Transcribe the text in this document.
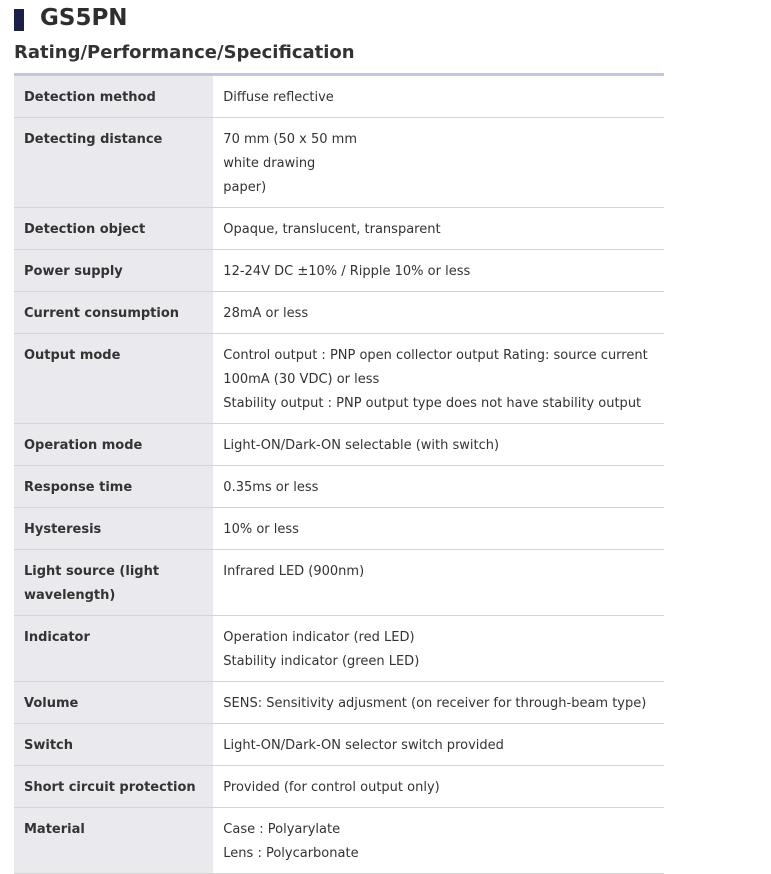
GS5PN
Rating/Performance/Specification
Detection method	Diffuse reflective

Detecting distance	70 mm (50 x 50 mm
white drawing
paper)

Detection object	Opaque, translucent, transparent

Power supply	12-24V DC ±10% / Ripple 10% or less

Current consumption	28mA or less

Output mode	Control output : PNP open collector output Rating: source current
100mA (30 VDC) or less
Stability output : PNP output type does not have stability output

Operation mode	Light-ON/Dark-ON selectable (with switch)

Response time	0.35ms or less

Hysteresis	10% or less

Light source (light wavelength)	Infrared LED (900nm)

Indicator	Operation indicator (red LED)
Stability indicator (green LED)

Volume	SENS: Sensitivity adjusment (on receiver for through-beam type)

Switch	Light-ON/Dark-ON selector switch provided

Short circuit protection	Provided (for control output only)

Material	Case : Polyarylate
Lens : Polycarbonate
